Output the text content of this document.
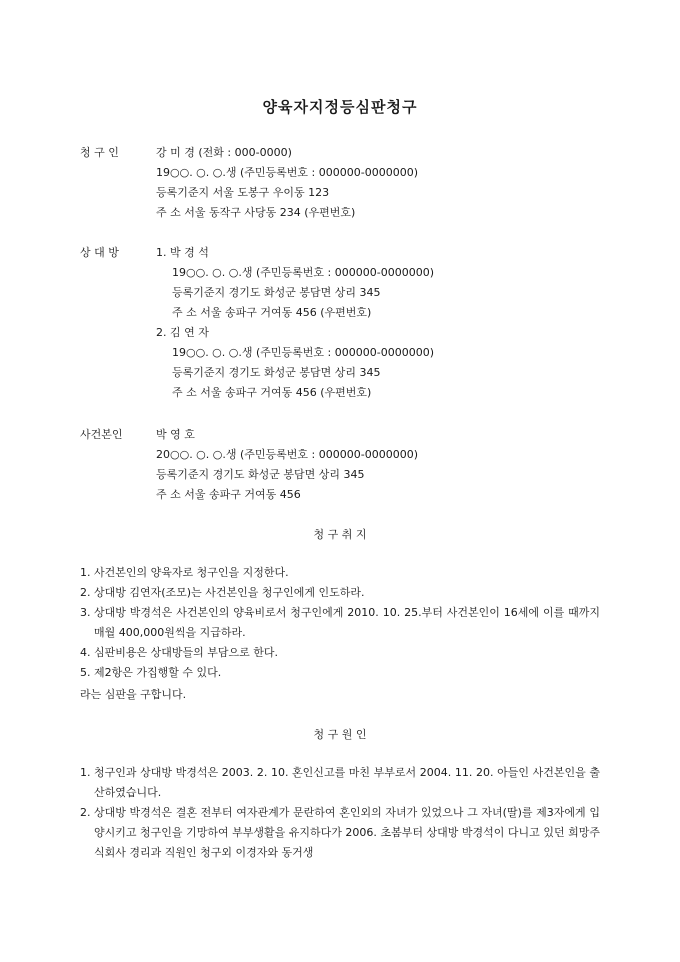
양육자지정등심판청구
청 구 인	강 미 경 (전화 : 000-0000)
19○○. ○. ○.생 (주민등록번호 : 000000-0000000)
등록기준지 서울 도봉구 우이동 123
주 소 서울 동작구 사당동 234 (우편번호)
상 대 방	1. 박 경 석
19○○. ○. ○.생 (주민등록번호 : 000000-0000000)
등록기준지 경기도 화성군 봉담면 상리 345
주 소 서울 송파구 거여동 456 (우편번호)
2. 김 연 자
19○○. ○. ○.생 (주민등록번호 : 000000-0000000)
등록기준지 경기도 화성군 봉담면 상리 345
주 소 서울 송파구 거여동 456 (우편번호)
사건본인	박 영 호
20○○. ○. ○.생 (주민등록번호 : 000000-0000000)
등록기준지 경기도 화성군 봉담면 상리 345
주 소 서울 송파구 거여동 456
청 구 취 지
1. 사건본인의 양육자로 청구인을 지정한다.
2. 상대방 김연자(조모)는 사건본인을 청구인에게 인도하라.
3. 상대방 박경석은 사건본인의 양육비로서 청구인에게 2010. 10. 25.부터 사건본인이 16세에 이를 때까지 매월 400,000원씩을 지급하라.
4. 심판비용은 상대방들의 부담으로 한다.
5. 제2항은 가집행할 수 있다.
라는 심판을 구합니다.
청 구 원 인
1. 청구인과 상대방 박경석은 2003. 2. 10. 혼인신고를 마친 부부로서 2004. 11. 20. 아들인 사건본인을 출산하였습니다.
2. 상대방 박경석은 결혼 전부터 여자관계가 문란하여 혼인외의 자녀가 있었으나 그 자녀(딸)를 제3자에게 입양시키고 청구인을 기망하여 부부생활을 유지하다가 2006. 초봄부터 상대방 박경석이 다니고 있던 희망주식회사 경리과 직원인 청구외 이경자와 동거생
